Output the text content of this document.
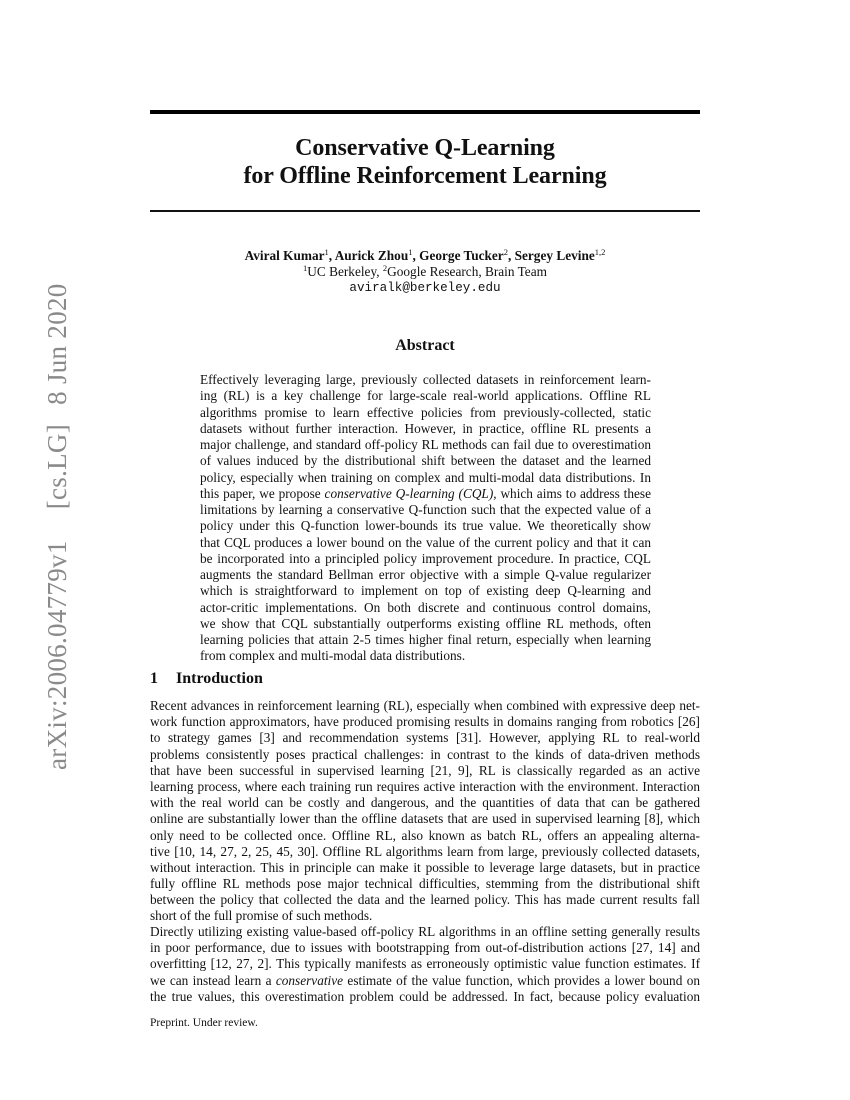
arXiv:2006.04779v1 [cs.LG] 8 Jun 2020
Conservative Q-Learning
for Offline Reinforcement Learning
Aviral Kumar$^1$, Aurick Zhou$^1$, George Tucker$^2$, Sergey Levine$^{1,2}$
$^1$UC Berkeley, $^2$Google Research, Brain Team
aviralk@berkeley.edu
Abstract
Effectively leveraging large, previously collected datasets in reinforcement learn-
ing (RL) is a key challenge for large-scale real-world applications. Offline RL
algorithms promise to learn effective policies from previously-collected, static
datasets without further interaction. However, in practice, offline RL presents a
major challenge, and standard off-policy RL methods can fail due to overestimation
of values induced by the distributional shift between the dataset and the learned
policy, especially when training on complex and multi-modal data distributions. In
this paper, we propose conservative Q-learning (CQL), which aims to address these
limitations by learning a conservative Q-function such that the expected value of a
policy under this Q-function lower-bounds its true value. We theoretically show
that CQL produces a lower bound on the value of the current policy and that it can
be incorporated into a principled policy improvement procedure. In practice, CQL
augments the standard Bellman error objective with a simple Q-value regularizer
which is straightforward to implement on top of existing deep Q-learning and
actor-critic implementations. On both discrete and continuous control domains,
we show that CQL substantially outperforms existing offline RL methods, often
learning policies that attain 2-5 times higher final return, especially when learning
from complex and multi-modal data distributions.
1 Introduction
Recent advances in reinforcement learning (RL), especially when combined with expressive deep net-
work function approximators, have produced promising results in domains ranging from robotics [26]
to strategy games [3] and recommendation systems [31]. However, applying RL to real-world
problems consistently poses practical challenges: in contrast to the kinds of data-driven methods
that have been successful in supervised learning [21, 9], RL is classically regarded as an active
learning process, where each training run requires active interaction with the environment. Interaction
with the real world can be costly and dangerous, and the quantities of data that can be gathered
online are substantially lower than the offline datasets that are used in supervised learning [8], which
only need to be collected once. Offline RL, also known as batch RL, offers an appealing alterna-
tive [10, 14, 27, 2, 25, 45, 30]. Offline RL algorithms learn from large, previously collected datasets,
without interaction. This in principle can make it possible to leverage large datasets, but in practice
fully offline RL methods pose major technical difficulties, stemming from the distributional shift
between the policy that collected the data and the learned policy. This has made current results fall
short of the full promise of such methods.
Directly utilizing existing value-based off-policy RL algorithms in an offline setting generally results
in poor performance, due to issues with bootstrapping from out-of-distribution actions [27, 14] and
overfitting [12, 27, 2]. This typically manifests as erroneously optimistic value function estimates. If
we can instead learn a conservative estimate of the value function, which provides a lower bound on
the true values, this overestimation problem could be addressed. In fact, because policy evaluation
Preprint. Under review.
